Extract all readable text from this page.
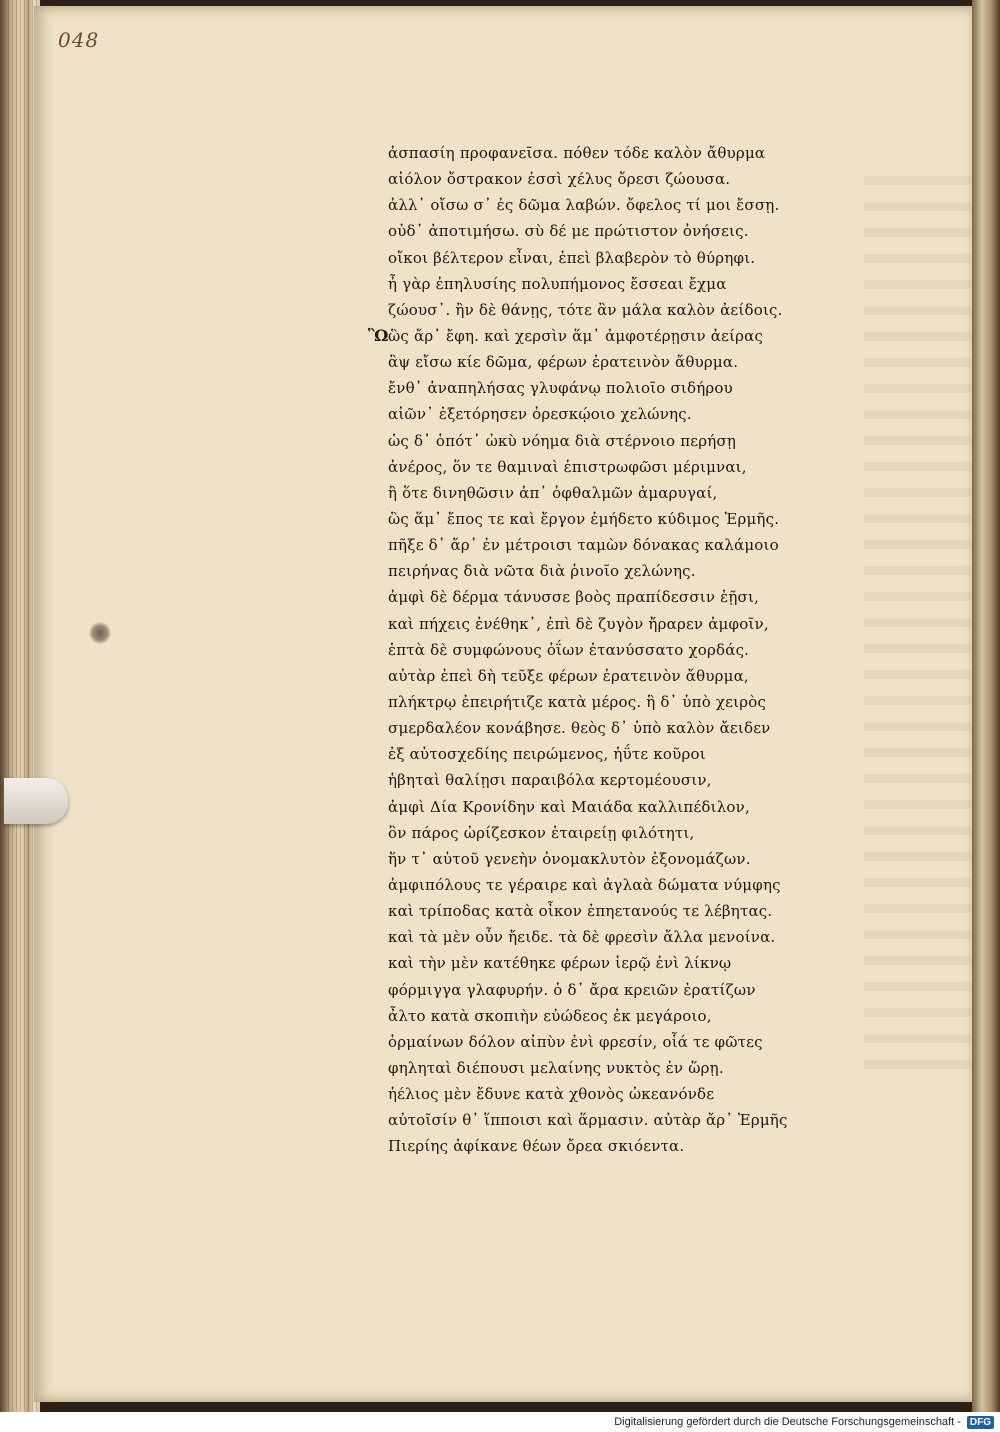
048
Ὣ
ἀσπασίη προφανεῖσα. πόθεν τόδε καλὸν ἄθυρμα
αἰόλον ὄστρακον ἐσσὶ χέλυς ὄρεσι ζώουσα.
ἀλλ᾽ οἴσω σ᾽ ἐς δῶμα λαβών. ὄφελος τί μοι ἔσσῃ.
οὐδ᾽ ἀποτιμήσω. σὺ δέ με πρώτιστον ὀνήσεις.
οἴκοι βέλτερον εἶναι, ἐπεὶ βλαβερὸν τὸ θύρηφι.
ἦ γὰρ ἐπηλυσίης πολυπήμονος ἔσσεαι ἔχμα
ζώουσ᾽. ἢν δὲ θάνῃς, τότε ἂν μάλα καλὸν ἀείδοις.
ὣς ἄρ᾽ ἔφη. καὶ χερσὶν ἅμ᾽ ἀμφοτέρῃσιν ἀείρας
ἂψ εἴσω κίε δῶμα, φέρων ἐρατεινὸν ἄθυρμα.
ἔνθ᾽ ἀναπηλήσας γλυφάνῳ πολιοῖο σιδήρου
αἰῶν᾽ ἐξετόρησεν ὀρεσκῴοιο χελώνης.
ὡς δ᾽ ὁπότ᾽ ὠκὺ νόημα διὰ στέρνοιο περήσῃ
ἀνέρος, ὅν τε θαμιναὶ ἐπιστρωφῶσι μέριμναι,
ἢ ὅτε δινηθῶσιν ἀπ᾽ ὀφθαλμῶν ἀμαρυγαί,
ὣς ἅμ᾽ ἔπος τε καὶ ἔργον ἐμήδετο κύδιμος Ἑρμῆς.
πῆξε δ᾽ ἄρ᾽ ἐν μέτροισι ταμὼν δόνακας καλάμοιο
πειρήνας διὰ νῶτα διὰ ῥινοῖο χελώνης.
ἀμφὶ δὲ δέρμα τάνυσσε βοὸς πραπίδεσσιν ἑῇσι,
καὶ πήχεις ἐνέθηκ᾽, ἐπὶ δὲ ζυγὸν ἤραρεν ἀμφοῖν,
ἑπτὰ δὲ συμφώνους ὀΐων ἐτανύσσατο χορδάς.
αὐτὰρ ἐπεὶ δὴ τεῦξε φέρων ἐρατεινὸν ἄθυρμα,
πλήκτρῳ ἐπειρήτιζε κατὰ μέρος. ἣ δ᾽ ὑπὸ χειρὸς
σμερδαλέον κονάβησε. θεὸς δ᾽ ὑπὸ καλὸν ἄειδεν
ἐξ αὐτοσχεδίης πειρώμενος, ἠΰτε κοῦροι
ἡβηταὶ θαλίῃσι παραιβόλα κερτομέουσιν,
ἀμφὶ Δία Κρονίδην καὶ Μαιάδα καλλιπέδιλον,
ὃν πάρος ὠρίζεσκον ἑταιρείῃ φιλότητι,
ἥν τ᾽ αὐτοῦ γενεὴν ὀνομακλυτὸν ἐξονομάζων.
ἀμφιπόλους τε γέραιρε καὶ ἀγλαὰ δώματα νύμφης
καὶ τρίποδας κατὰ οἶκον ἐπηετανούς τε λέβητας.
καὶ τὰ μὲν οὖν ἤειδε. τὰ δὲ φρεσὶν ἄλλα μενοίνα.
καὶ τὴν μὲν κατέθηκε φέρων ἱερῷ ἐνὶ λίκνῳ
φόρμιγγα γλαφυρήν. ὁ δ᾽ ἄρα κρειῶν ἐρατίζων
ἆλτο κατὰ σκοπιὴν εὐώδεος ἐκ μεγάροιο,
ὁρμαίνων δόλον αἰπὺν ἐνὶ φρεσίν, οἷά τε φῶτες
φηληταὶ διέπουσι μελαίνης νυκτὸς ἐν ὥρῃ.
ἠέλιος μὲν ἔδυνε κατὰ χθονὸς ὠκεανόνδε
αὐτοῖσίν θ᾽ ἵπποισι καὶ ἅρμασιν. αὐτὰρ ἄρ᾽ Ἑρμῆς
Πιερίης ἀφίκανε θέων ὄρεα σκιόεντα.
Digitalisierung gefördert durch die Deutsche Forschungsgemeinschaft - DFG
